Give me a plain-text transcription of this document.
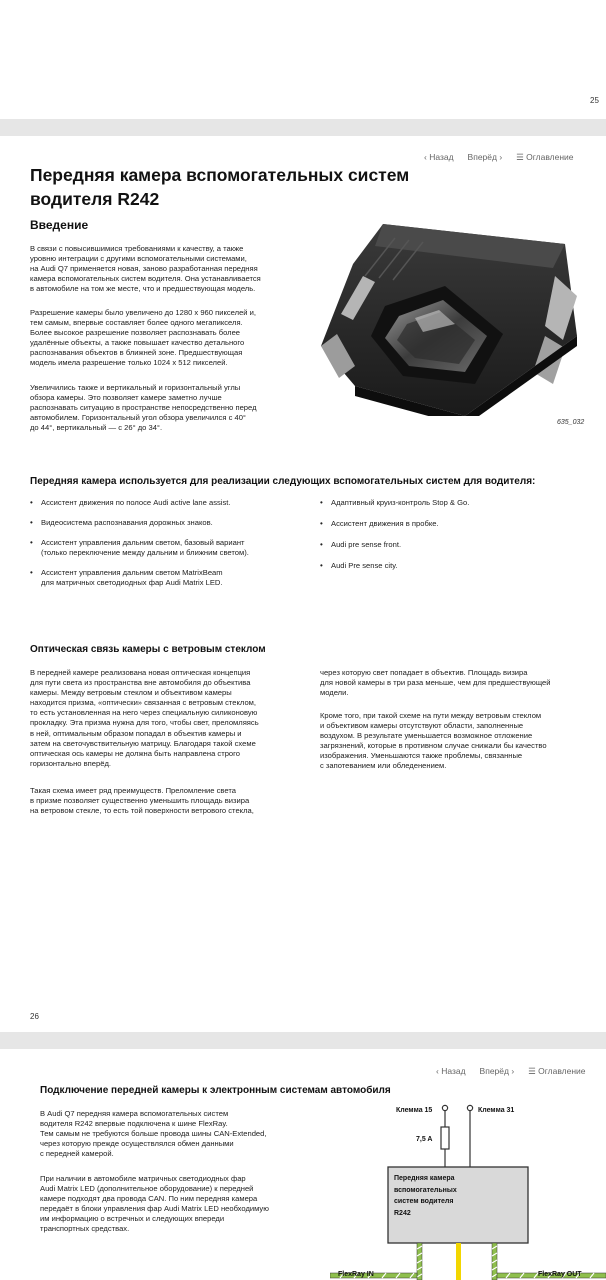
25
‹ Назад Вперёд › ☰ Оглавление
Передняя камера вспомогательных систем
водителя R242
Введение
В связи с повысившимися требованиями к качеству, а также
уровню интеграции с другими вспомогательными системами,
на Audi Q7 применяется новая, заново разработанная передняя
камера вспомогательных систем водителя. Она устанавливается
в автомобиле на том же месте, что и предшествующая модель.
Разрешение камеры было увеличено до 1280 x 960 пикселей и,
тем самым, впервые составляет более одного мегапикселя.
Более высокое разрешение позволяет распознавать более
удалённые объекты, а также повышает качество детального
распознавания объектов в ближней зоне. Предшествующая
модель имела разрешение только 1024 x 512 пикселей.
Увеличились также и вертикальный и горизонтальный углы
обзора камеры. Это позволяет камере заметно лучше
распознавать ситуацию в пространстве непосредственно перед
автомобилем. Горизонтальный угол обзора увеличился с 40°
до 44°, вертикальный — с 26° до 34°.
635_032
Передняя камера используется для реализации следующих вспомогательных систем для водителя:
• Ассистент движения по полосе Audi active lane assist.
• Видеосистема распознавания дорожных знаков.
• Ассистент управления дальним светом, базовый вариант
(только переключение между дальним и ближним светом).
• Ассистент управления дальним светом MatrixBeam
для матричных светодиодных фар Audi Matrix LED.
• Адаптивный круиз-контроль Stop & Go.
• Ассистент движения в пробке.
• Audi pre sense front.
• Audi Pre sense city.
Оптическая связь камеры с ветровым стеклом
В передней камере реализована новая оптическая концепция
для пути света из пространства вне автомобиля до объектива
камеры. Между ветровым стеклом и объективом камеры
находится призма, «оптически» связанная с ветровым стеклом,
то есть установленная на него через специальную силиконовую
прокладку. Эта призма нужна для того, чтобы свет, преломляясь
в ней, оптимальным образом попадал в объектив камеры и
затем на светочувствительную матрицу. Благодаря такой схеме
оптическая ось камеры не должна быть направлена строго
горизонтально вперёд.
Такая схема имеет ряд преимуществ. Преломление света
в призме позволяет существенно уменьшить площадь визира
на ветровом стекле, то есть той поверхности ветрового стекла,
через которую свет попадает в объектив. Площадь визира
для новой камеры в три раза меньше, чем для предшествующей
модели.
Кроме того, при такой схеме на пути между ветровым стеклом
и объективом камеры отсутствуют области, заполненные
воздухом. В результате уменьшается возможное отложение
загрязнений, которые в противном случае снижали бы качество
изображения. Уменьшаются также проблемы, связанные
с запотеванием или обледенением.
26
‹ Назад Вперёд › ☰ Оглавление
Подключение передней камеры к электронным системам автомобиля
В Audi Q7 передняя камера вспомогательных систем
водителя R242 впервые подключена к шине FlexRay.
Тем самым не требуются больше провода шины CAN-Extended,
через которую прежде осуществлялся обмен данными
с передней камерой.
При наличии в автомобиле матричных светодиодных фар
Audi Matrix LED (дополнительное оборудование) к передней
камере подходят два провода CAN. По ним передняя камера
передаёт в блоки управления фар Audi Matrix LED необходимую
им информацию о встречных и следующих впереди
транспортных средствах.
Клемма 15	Клемма 31
7,5 A
Передняя камера
вспомогательных
систем водителя
R242
FlexRay IN	FlexRay OUT
